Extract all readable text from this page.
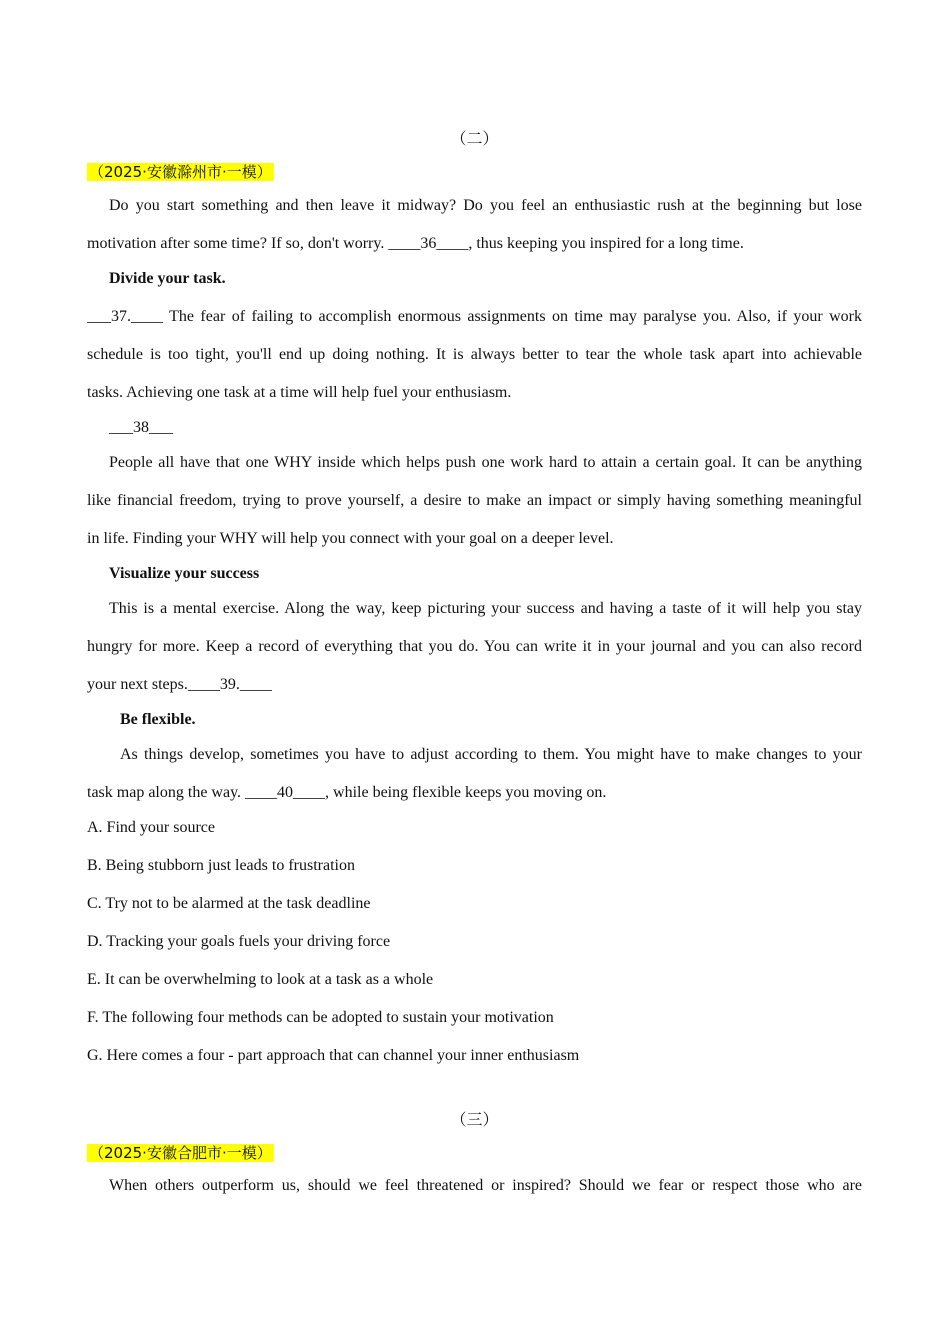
（二）
（2025·安徽滁州市·一模）
Do you start something and then leave it midway? Do you feel an enthusiastic rush at the beginning but lose
motivation after some time? If so, don't worry. ____36____, thus keeping you inspired for a long time.
Divide your task.
___37.____ The fear of failing to accomplish enormous assignments on time may paralyse you. Also, if your work
schedule is too tight, you'll end up doing nothing. It is always better to tear the whole task apart into achievable
tasks. Achieving one task at a time will help fuel your enthusiasm.
___38___
People all have that one WHY inside which helps push one work hard to attain a certain goal. It can be anything
like financial freedom, trying to prove yourself, a desire to make an impact or simply having something meaningful
in life. Finding your WHY will help you connect with your goal on a deeper level.
Visualize your success
This is a mental exercise. Along the way, keep picturing your success and having a taste of it will help you stay
hungry for more. Keep a record of everything that you do. You can write it in your journal and you can also record
your next steps.____39.____
Be flexible.
As things develop, sometimes you have to adjust according to them. You might have to make changes to your
task map along the way. ____40____, while being flexible keeps you moving on.
A. Find your source
B. Being stubborn just leads to frustration
C. Try not to be alarmed at the task deadline
D. Tracking your goals fuels your driving force
E. It can be overwhelming to look at a task as a whole
F. The following four methods can be adopted to sustain your motivation
G. Here comes a four - part approach that can channel your inner enthusiasm
（三）
（2025·安徽合肥市·一模）
When others outperform us, should we feel threatened or inspired? Should we fear or respect those who are
